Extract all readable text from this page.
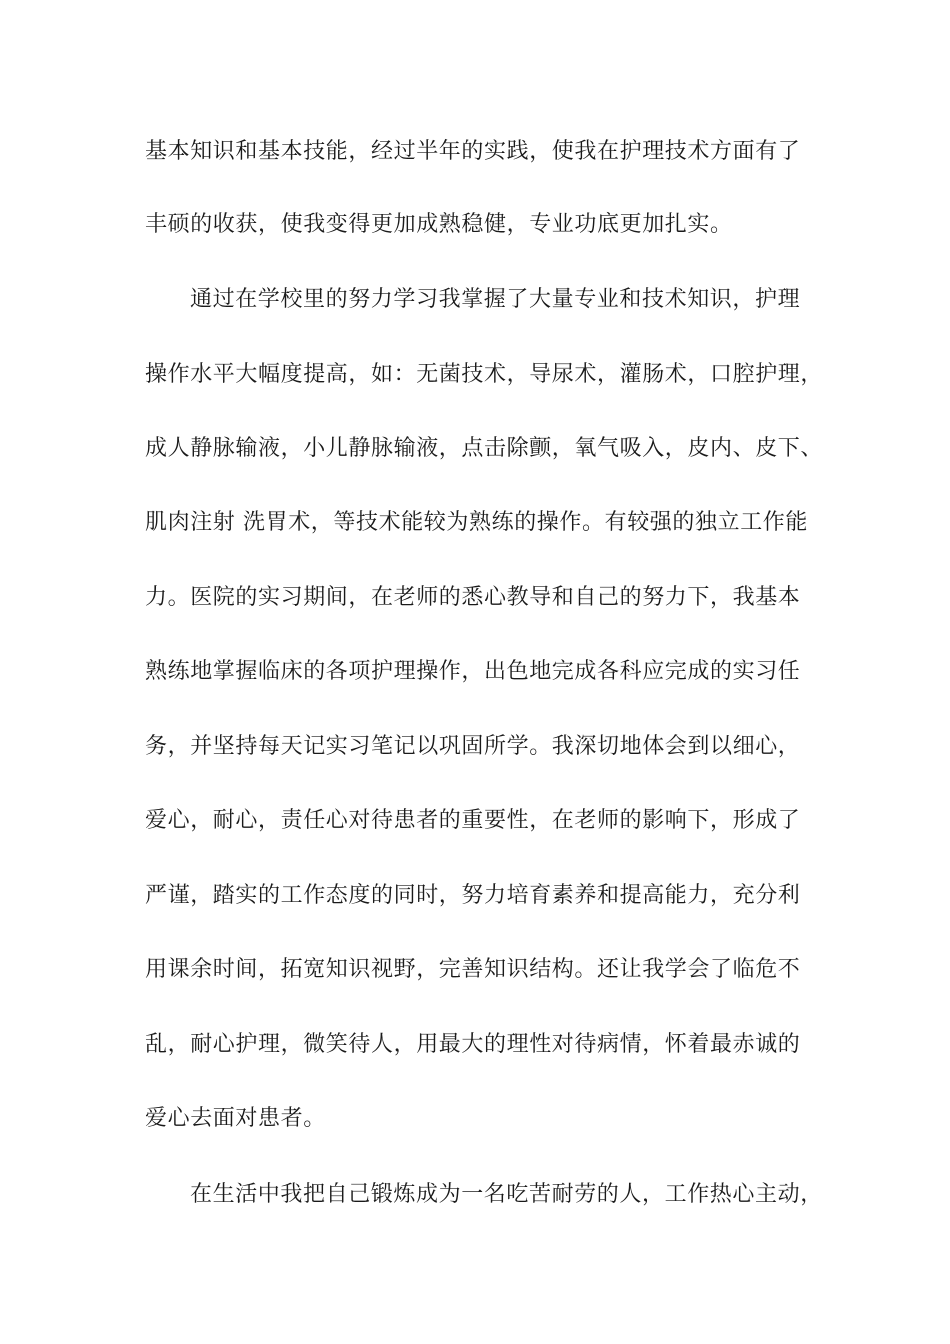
基本知识和基本技能，经过半年的实践，使我在护理技术方面有了
丰硕的收获，使我变得更加成熟稳健，专业功底更加扎实。
通过在学校里的努力学习我掌握了大量专业和技术知识，护理
操作水平大幅度提高，如：无菌技术，导尿术，灌肠术，口腔护理，
成人静脉输液，小儿静脉输液，点击除颤，氧气吸入，皮内、皮下、
肌肉注射 洗胃术，等技术能较为熟练的操作。有较强的独立工作能
力。医院的实习期间，在老师的悉心教导和自己的努力下，我基本
熟练地掌握临床的各项护理操作，出色地完成各科应完成的实习任
务，并坚持每天记实习笔记以巩固所学。我深切地体会到以细心，
爱心，耐心，责任心对待患者的重要性，在老师的影响下，形成了
严谨，踏实的工作态度的同时，努力培育素养和提高能力，充分利
用课余时间，拓宽知识视野，完善知识结构。还让我学会了临危不
乱，耐心护理，微笑待人，用最大的理性对待病情，怀着最赤诚的
爱心去面对患者。
在生活中我把自己锻炼成为一名吃苦耐劳的人，工作热心主动，
